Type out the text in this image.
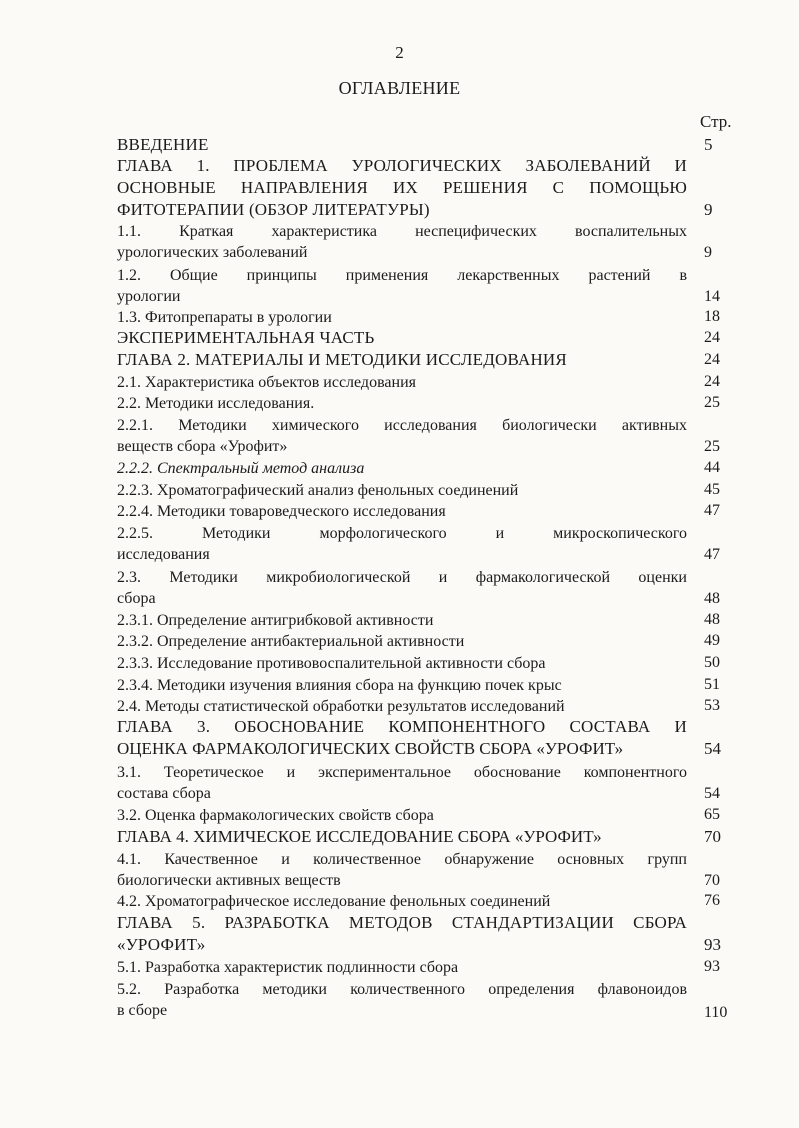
2
ОГЛАВЛЕНИЕ
Стр.
ВВЕДЕНИЕ	5
ГЛАВА 1. ПРОБЛЕМА УРОЛОГИЧЕСКИХ ЗАБОЛЕВАНИЙ И
ОСНОВНЫЕ НАПРАВЛЕНИЯ ИХ РЕШЕНИЯ С ПОМОЩЬЮ
ФИТОТЕРАПИИ (ОБЗОР ЛИТЕРАТУРЫ)	9
1.1. Краткая характеристика неспецифических воспалительных
урологических заболеваний	9
1.2. Общие принципы применения лекарственных растений в
урологии	14
1.3. Фитопрепараты в урологии	18
ЭКСПЕРИМЕНТАЛЬНАЯ ЧАСТЬ	24
ГЛАВА 2. МАТЕРИАЛЫ И МЕТОДИКИ ИССЛЕДОВАНИЯ	24
2.1. Характеристика объектов исследования	24
2.2. Методики исследования.	25
2.2.1. Методики химического исследования биологически активных
веществ сбора «Урофит»	25
2.2.2. Спектральный метод анализа	44
2.2.3. Хроматографический анализ фенольных соединений	45
2.2.4. Методики товароведческого исследования	47
2.2.5. Методики морфологического и микроскопического
исследования	47
2.3. Методики микробиологической и фармакологической оценки
сбора	48
2.3.1. Определение антигрибковой активности	48
2.3.2. Определение антибактериальной активности	49
2.3.3. Исследование противовоспалительной активности сбора	50
2.3.4. Методики изучения влияния сбора на функцию почек крыс	51
2.4. Методы статистической обработки результатов исследований	53
ГЛАВА 3. ОБОСНОВАНИЕ КОМПОНЕНТНОГО СОСТАВА И
ОЦЕНКА ФАРМАКОЛОГИЧЕСКИХ СВОЙСТВ СБОРА «УРОФИТ»	54
3.1. Теоретическое и экспериментальное обоснование компонентного
состава сбора	54
3.2. Оценка фармакологических свойств сбора	65
ГЛАВА 4. ХИМИЧЕСКОЕ ИССЛЕДОВАНИЕ СБОРА «УРОФИТ»	70
4.1. Качественное и количественное обнаружение основных групп
биологически активных веществ	70
4.2. Хроматографическое исследование фенольных соединений	76
ГЛАВА 5. РАЗРАБОТКА МЕТОДОВ СТАНДАРТИЗАЦИИ СБОРА
«УРОФИТ»	93
5.1. Разработка характеристик подлинности сбора	93
5.2. Разработка методики количественного определения флавоноидов
в сборе	110
